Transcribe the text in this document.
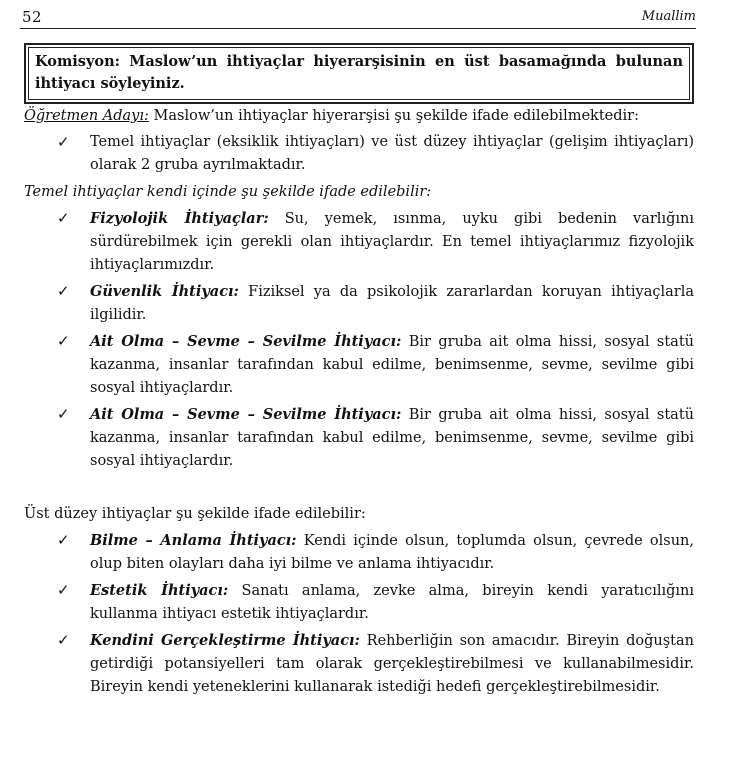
52	Muallim
Komisyon: Maslow’un ihtiyaçlar hiyerarşisinin en üst basamağında bulunan ihtiyacı söyleyiniz.

Öğretmen Adayı: Maslow’un ihtiyaçlar hiyerarşisi şu şekilde ifade edilebilmektedir:

✓ Temel ihtiyaçlar (eksiklik ihtiyaçları) ve üst düzey ihtiyaçlar (gelişim ihtiyaçları) olarak 2 gruba ayrılmaktadır.

Temel ihtiyaçlar kendi içinde şu şekilde ifade edilebilir:

✓ Fizyolojik İhtiyaçlar: Su, yemek, ısınma, uyku gibi bedenin varlığını sürdürebilmek için gerekli olan ihtiyaçlardır. En temel ihtiyaçlarımız fizyolojik ihtiyaçlarımızdır.
✓ Güvenlik İhtiyacı: Fiziksel ya da psikolojik zararlardan koruyan ihtiyaçlarla ilgilidir.
✓ Ait Olma – Sevme – Sevilme İhtiyacı: Bir gruba ait olma hissi, sosyal statü kazanma, insanlar tarafından kabul edilme, benimsenme, sevme, sevilme gibi sosyal ihtiyaçlardır.
✓ Ait Olma – Sevme – Sevilme İhtiyacı: Bir gruba ait olma hissi, sosyal statü kazanma, insanlar tarafından kabul edilme, benimsenme, sevme, sevilme gibi sosyal ihtiyaçlardır.

Üst düzey ihtiyaçlar şu şekilde ifade edilebilir:

✓ Bilme – Anlama İhtiyacı: Kendi içinde olsun, toplumda olsun, çevrede olsun, olup biten olayları daha iyi bilme ve anlama ihtiyacıdır.
✓ Estetik İhtiyacı: Sanatı anlama, zevke alma, bireyin kendi yaratıcılığını kullanma ihtiyacı estetik ihtiyaçlardır.
✓ Kendini Gerçekleştirme İhtiyacı: Rehberliğin son amacıdır. Bireyin doğuştan getirdiği potansiyelleri tam olarak gerçekleştirebilmesi ve kullanabilmesidir. Bireyin kendi yeteneklerini kullanarak istediği hedefi gerçekleştirebilmesidir.
